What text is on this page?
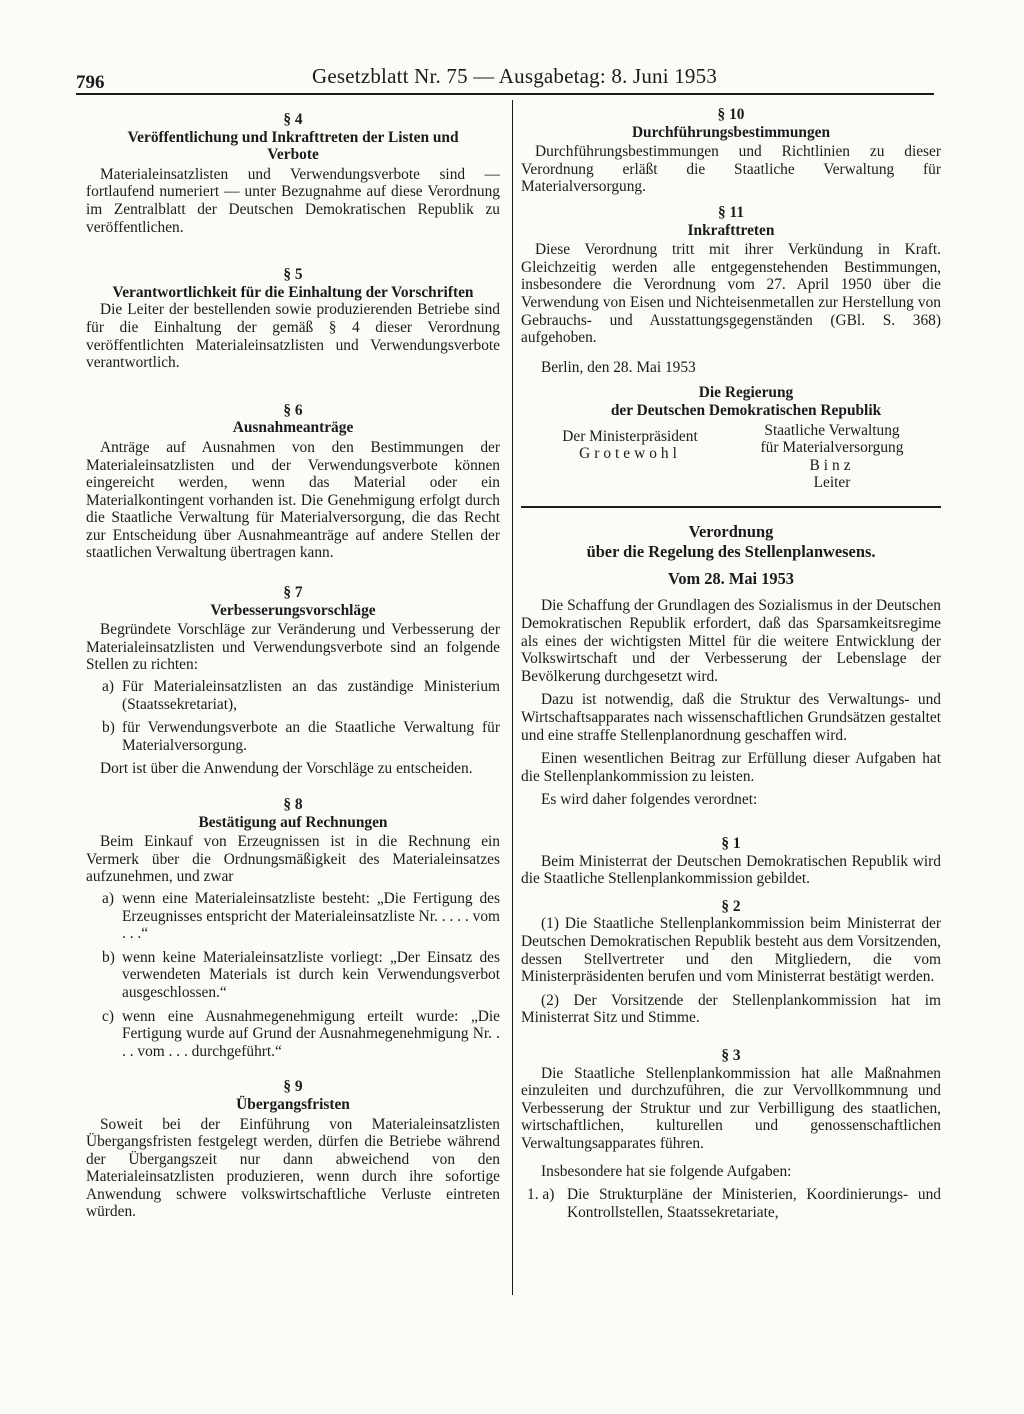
796	Gesetzblatt Nr. 75 — Ausgabetag: 8. Juni 1953
§ 4
Veröffentlichung und Inkrafttreten der Listen und Verbote

Materialeinsatzlisten und Verwendungsverbote sind — fortlaufend numeriert — unter Bezugnahme auf diese Verordnung im Zentralblatt der Deutschen Demokratischen Republik zu veröffentlichen.

§ 5
Verantwortlichkeit für die Einhaltung der Vorschriften

Die Leiter der bestellenden sowie produzierenden Betriebe sind für die Einhaltung der gemäß § 4 dieser Verordnung veröffentlichten Materialeinsatzlisten und Verwendungsverbote verantwortlich.

§ 6
Ausnahmeanträge

Anträge auf Ausnahmen von den Bestimmungen der Materialeinsatzlisten und der Verwendungsverbote können eingereicht werden, wenn das Material oder ein Materialkontingent vorhanden ist. Die Genehmigung erfolgt durch die Staatliche Verwaltung für Materialversorgung, die das Recht zur Entscheidung über Ausnahmeanträge auf andere Stellen der staatlichen Verwaltung übertragen kann.

§ 7
Verbesserungsvorschläge

Begründete Vorschläge zur Veränderung und Verbesserung der Materialeinsatzlisten und Verwendungsverbote sind an folgende Stellen zu richten:

a) Für Materialeinsatzlisten an das zuständige Ministerium (Staatssekretariat),
b) für Verwendungsverbote an die Staatliche Verwaltung für Materialversorgung.

Dort ist über die Anwendung der Vorschläge zu entscheiden.

§ 8
Bestätigung auf Rechnungen

Beim Einkauf von Erzeugnissen ist in die Rechnung ein Vermerk über die Ordnungsmäßigkeit des Materialeinsatzes aufzunehmen, und zwar

a) wenn eine Materialeinsatzliste besteht: „Die Fertigung des Erzeugnisses entspricht der Materialeinsatzliste Nr. . . . . vom . . .“
b) wenn keine Materialeinsatzliste vorliegt: „Der Einsatz des verwendeten Materials ist durch kein Verwendungsverbot ausgeschlossen.“
c) wenn eine Ausnahmegenehmigung erteilt wurde: „Die Fertigung wurde auf Grund der Ausnahmegenehmigung Nr. . . . vom . . . durchgeführt.“
§ 9
Übergangsfristen

Soweit bei der Einführung von Materialeinsatzlisten Übergangsfristen festgelegt werden, dürfen die Betriebe während der Übergangszeit nur dann abweichend von den Materialeinsatzlisten produzieren, wenn durch ihre sofortige Anwendung schwere volkswirtschaftliche Verluste eintreten würden.

§ 10
Durchführungsbestimmungen

Durchführungsbestimmungen und Richtlinien zu dieser Verordnung erläßt die Staatliche Verwaltung für Materialversorgung.

§ 11
Inkrafttreten

Diese Verordnung tritt mit ihrer Verkündung in Kraft. Gleichzeitig werden alle entgegenstehenden Bestimmungen, insbesondere die Verordnung vom 27. April 1950 über die Verwendung von Eisen und Nichteisenmetallen zur Herstellung von Gebrauchs- und Ausstattungsgegenständen (GBl. S. 368) aufgehoben.

Berlin, den 28. Mai 1953
Die Regierung
der Deutschen Demokratischen Republik
Der Ministerpräsident
Grotewohl
Staatliche Verwaltung
für Materialversorgung
Binz
Leiter
Verordnung
über die Regelung des Stellenplanwesens.
Vom 28. Mai 1953

Die Schaffung der Grundlagen des Sozialismus in der Deutschen Demokratischen Republik erfordert, daß das Sparsamkeitsregime als eines der wichtigsten Mittel für die weitere Entwicklung der Volkswirtschaft und der Verbesserung der Lebenslage der Bevölkerung durchgesetzt wird.

Dazu ist notwendig, daß die Struktur des Verwaltungs- und Wirtschaftsapparates nach wissenschaftlichen Grundsätzen gestaltet und eine straffe Stellenplanordnung geschaffen wird.

Einen wesentlichen Beitrag zur Erfüllung dieser Aufgaben hat die Stellenplankommission zu leisten.

Es wird daher folgendes verordnet:

§ 1

Beim Ministerrat der Deutschen Demokratischen Republik wird die Staatliche Stellenplankommission gebildet.

§ 2

(1) Die Staatliche Stellenplankommission beim Ministerrat der Deutschen Demokratischen Republik besteht aus dem Vorsitzenden, dessen Stellvertreter und den Mitgliedern, die vom Ministerpräsidenten berufen und vom Ministerrat bestätigt werden.

(2) Der Vorsitzende der Stellenplankommission hat im Ministerrat Sitz und Stimme.

§ 3

Die Staatliche Stellenplankommission hat alle Maßnahmen einzuleiten und durchzuführen, die zur Vervollkommnung und Verbesserung der Struktur und zur Verbilligung des staatlichen, wirtschaftlichen, kulturellen und genossenschaftlichen Verwaltungsapparates führen.

Insbesondere hat sie folgende Aufgaben:

1. a) Die Strukturpläne der Ministerien, Koordinierungs- und Kontrollstellen, Staatssekretariate,
